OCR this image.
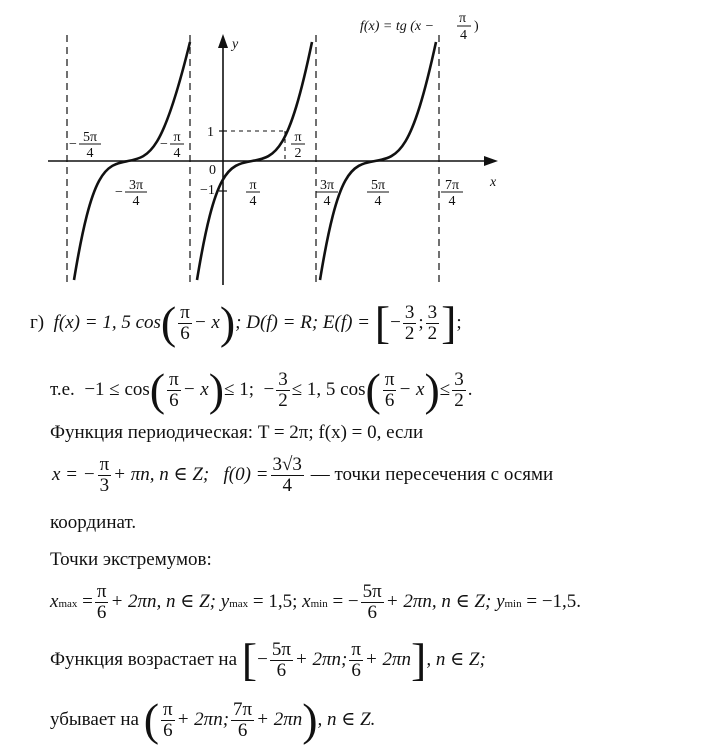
f(x) = tg (x −
π
4
)
y
x
0
1
−1
− 5π
4
− π
4
− 3π
4
π
2
π
4
3π
4
5π
4
7π
4
г) f(x) = 1, 5 $\cos( \frac{\pi}{6} - x)$; D(f) = R; E(f) = [− $\frac{3}{2}$ ; $\frac{3}{2}$ ];
т.е. $-1 \le \cos( \frac{\pi}{6} - x)\le 1$; − $\frac{3}{2} \le 1$, 5 $\cos( \frac{\pi}{6} - x)\le \frac{3}{2}$ .
Функция периодическая: T = 2π; f(x) = 0, если
x = − $\frac{\pi}{3} + \pi n$, n ∈ Z; $f(0) = \frac{3√3}{4}$ — точки пересечения с осями
координат.
Точки экстремумов:
$xmax = \frac{\pi}{6} + 2\pi n$, n ∈ Z; ymax = 1,5; xmin = − $\frac{5\pi}{6} + 2\pi n$, n ∈ Z; ymin = −1,5.
Функция возрастает на [− $\frac{5\pi}{6} + 2\pi n$; $\frac{\pi}{6} + 2\pi n$], n ∈ Z;
убывает на ( $\frac{\pi}{6} + 2\pi n$; $\frac{7\pi}{6} + 2\pi n$), n ∈ Z.
